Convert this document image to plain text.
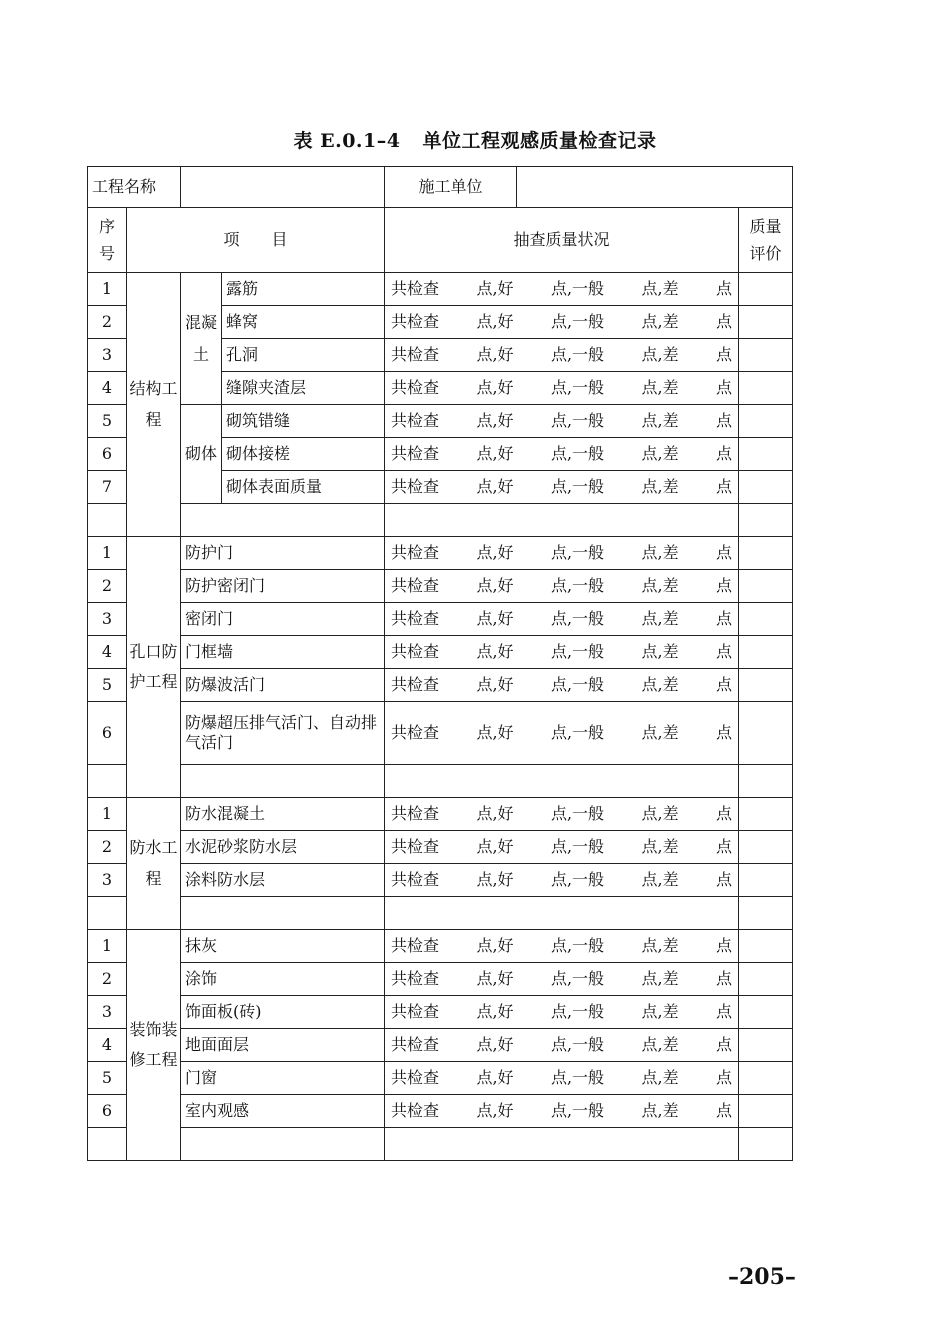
表 E.0.1–4 单位工程观感质量检查记录
工程名称				施工单位		
序号	项　　目			抽查质量状况		质量评价
1	结构工程	混凝土	露筋	共检查 点,好 点,一般 点,差 点		

2			蜂窝	共检查 点,好 点,一般 点,差 点		

3			孔洞	共检查 点,好 点,一般 点,差 点		

4			缝隙夹渣层	共检查 点,好 点,一般 点,差 点		

5		砌体	砌筑错缝	共检查 点,好 点,一般 点,差 点		

6			砌体接槎	共检查 点,好 点,一般 点,差 点		

7			砌体表面质量	共检查 点,好 点,一般 点,差 点		

1	孔口防护工程	防护门		共检查 点,好 点,一般 点,差 点		

2		防护密闭门		共检查 点,好 点,一般 点,差 点		

3		密闭门		共检查 点,好 点,一般 点,差 点		

4		门框墙		共检查 点,好 点,一般 点,差 点		

5		防爆波活门		共检查 点,好 点,一般 点,差 点		

6		防爆超压排气活门、自动排气活门		共检查 点,好 点,一般 点,差 点		

1	防水工程	防水混凝土		共检查 点,好 点,一般 点,差 点		

2		水泥砂浆防水层		共检查 点,好 点,一般 点,差 点		

3		涂料防水层		共检查 点,好 点,一般 点,差 点		

1	装饰装修工程	抹灰		共检查 点,好 点,一般 点,差 点		

2		涂饰		共检查 点,好 点,一般 点,差 点		

3		饰面板(砖)		共检查 点,好 点,一般 点,差 点		

4		地面面层		共检查 点,好 点,一般 点,差 点		

5		门窗		共检查 点,好 点,一般 点,差 点		

6		室内观感		共检查 点,好 点,一般 点,差 点		

–205–
